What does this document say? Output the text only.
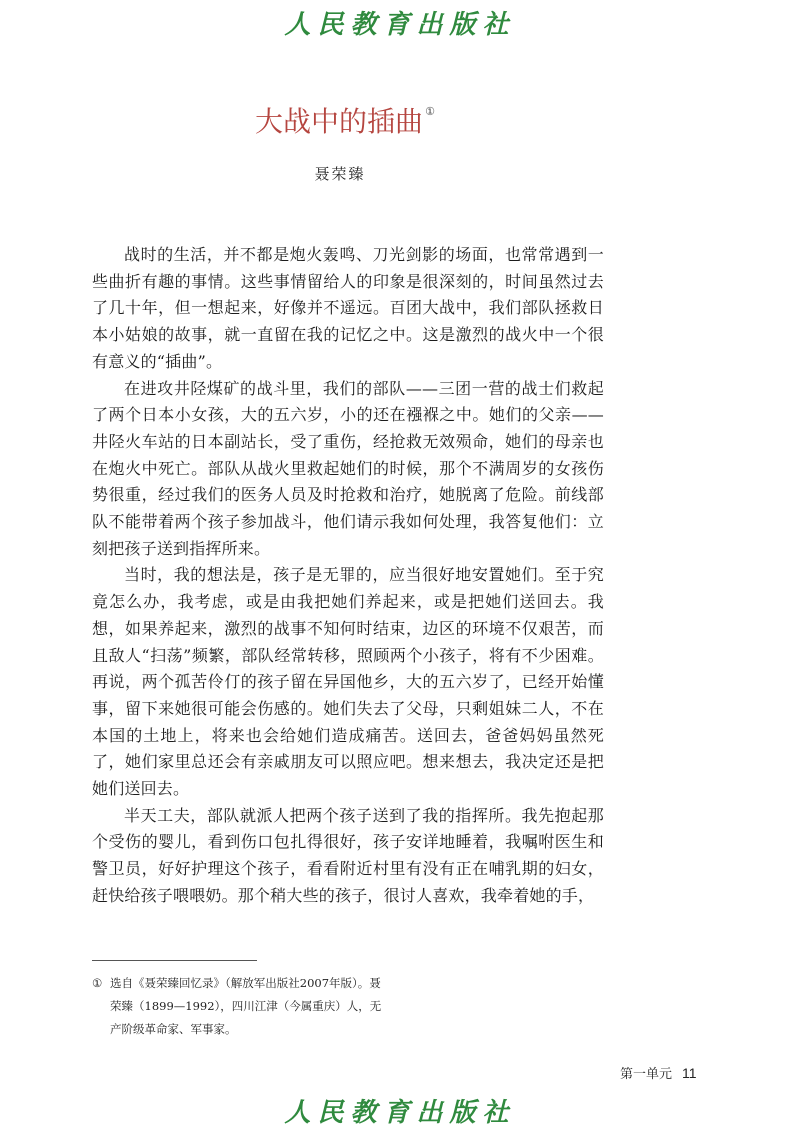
人民教育出版社
大战中的插曲 ①
聂荣臻

战时的生活，并不都是炮火轰鸣、刀光剑影的场面，也常常遇到一些曲折有趣的事情。这些事情留给人的印象是很深刻的，时间虽然过去了几十年，但一想起来，好像并不遥远。百团大战中，我们部队拯救日本小姑娘的故事，就一直留在我的记忆之中。这是激烈的战火中一个很有意义的“插曲”。

在进攻井陉煤矿的战斗里，我们的部队——三团一营的战士们救起了两个日本小女孩，大的五六岁，小的还在襁褓之中。她们的父亲——井陉火车站的日本副站长，受了重伤，经抢救无效殒命，她们的母亲也在炮火中死亡。部队从战火里救起她们的时候，那个不满周岁的女孩伤势很重，经过我们的医务人员及时抢救和治疗，她脱离了危险。前线部队不能带着两个孩子参加战斗，他们请示我如何处理，我答复他们：立刻把孩子送到指挥所来。

当时，我的想法是，孩子是无罪的，应当很好地安置她们。至于究竟怎么办，我考虑，或是由我把她们养起来，或是把她们送回去。我想，如果养起来，激烈的战事不知何时结束，边区的环境不仅艰苦，而且敌人“扫荡”频繁，部队经常转移，照顾两个小孩子，将有不少困难。再说，两个孤苦伶仃的孩子留在异国他乡，大的五六岁了，已经开始懂事，留下来她很可能会伤感的。她们失去了父母，只剩姐妹二人，不在本国的土地上，将来也会给她们造成痛苦。送回去，爸爸妈妈虽然死了，她们家里总还会有亲戚朋友可以照应吧。想来想去，我决定还是把她们送回去。

半天工夫，部队就派人把两个孩子送到了我的指挥所。我先抱起那个受伤的婴儿，看到伤口包扎得很好，孩子安详地睡着，我嘱咐医生和警卫员，好好护理这个孩子，看看附近村里有没有正在哺乳期的妇女，赶快给孩子喂喂奶。那个稍大些的孩子，很讨人喜欢，我牵着她的手，

① 选自《聂荣臻回忆录》（解放军出版社2007年版）。聂荣臻（1899—1992），四川江津（今属重庆）人，无产阶级革命家、军事家。
第一单元 11
人民教育出版社
